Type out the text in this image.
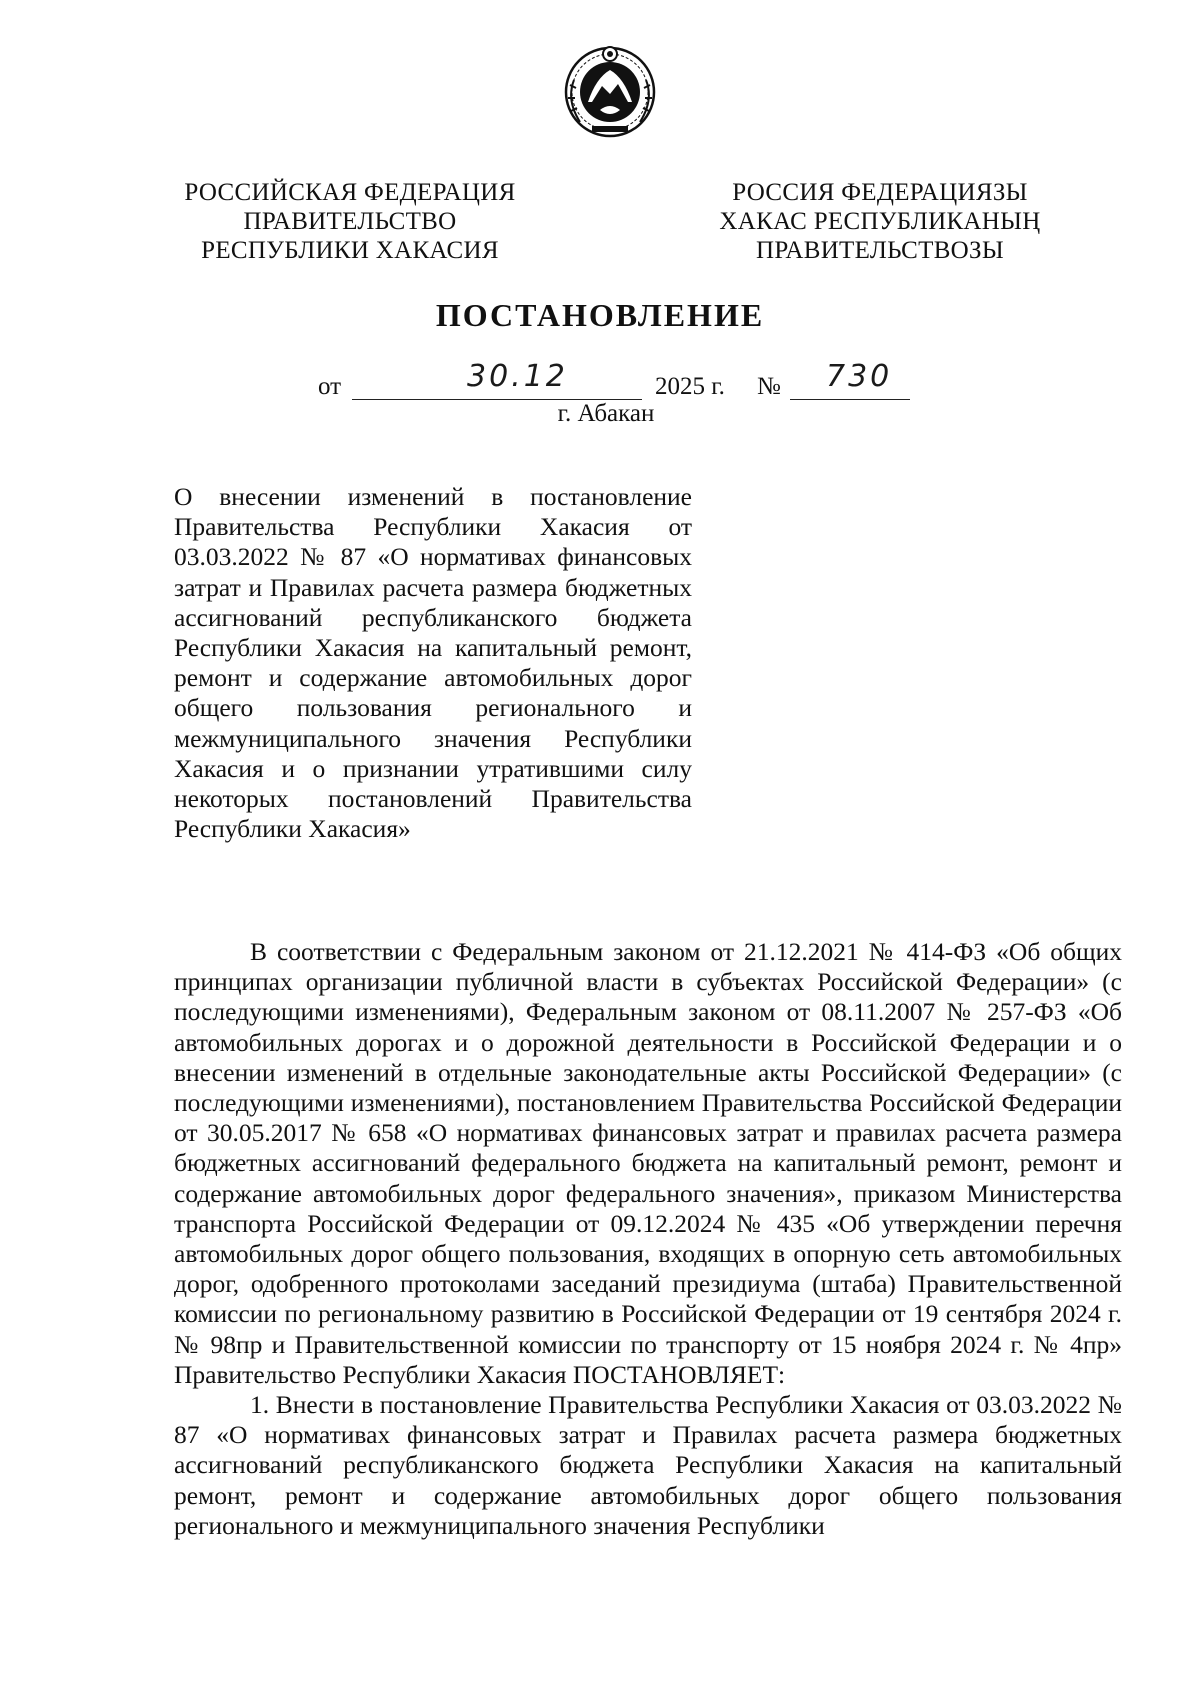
РОССИЙСКАЯ ФЕДЕРАЦИЯ
ПРАВИТЕЛЬСТВО
РЕСПУБЛИКИ ХАКАСИЯ
РОССИЯ ФЕДЕРАЦИЯЗЫ
ХАКАС РЕСПУБЛИКАНЫҢ
ПРАВИТЕЛЬСТВОЗЫ
ПОСТАНОВЛЕНИЕ
от	30.12	2025 г. № 730
г. Абакан

О внесении изменений в постановление Правительства Республики Хакасия от 03.03.2022 № 87 «О нормативах финансовых затрат и Правилах расчета размера бюджетных ассигнований республиканского бюджета Республики Хакасия на капитальный ремонт, ремонт и содержание автомобильных дорог общего пользования регионального и межмуниципального значения Республики Хакасия и о признании утратившими силу некоторых постановлений Правительства Республики Хакасия»

В соответствии с Федеральным законом от 21.12.2021 № 414-ФЗ «Об общих принципах организации публичной власти в субъектах Российской Федерации» (с последующими изменениями), Федеральным законом от 08.11.2007 № 257-ФЗ «Об автомобильных дорогах и о дорожной деятельности в Российской Федерации и о внесении изменений в отдельные законодательные акты Российской Федерации» (с последующими изменениями), постановлением Правительства Российской Федерации от 30.05.2017 № 658 «О нормативах финансовых затрат и правилах расчета размера бюджетных ассигнований федерального бюджета на капитальный ремонт, ремонт и содержание автомобильных дорог федерального значения», приказом Министерства транспорта Российской Федерации от 09.12.2024 № 435 «Об утверждении перечня автомобильных дорог общего пользования, входящих в опорную сеть автомобильных дорог, одобренного протоколами заседаний президиума (штаба) Правительственной комиссии по региональному развитию в Российской Федерации от 19 сентября 2024 г. № 98пр и Правительственной комиссии по транспорту от 15 ноября 2024 г. № 4пр» Правительство Республики Хакасия ПОСТАНОВЛЯЕТ:

1. Внести в постановление Правительства Республики Хакасия от 03.03.2022 № 87 «О нормативах финансовых затрат и Правилах расчета размера бюджетных ассигнований республиканского бюджета Республики Хакасия на капитальный ремонт, ремонт и содержание автомобильных дорог общего пользования регионального и межмуниципального значения Республики
